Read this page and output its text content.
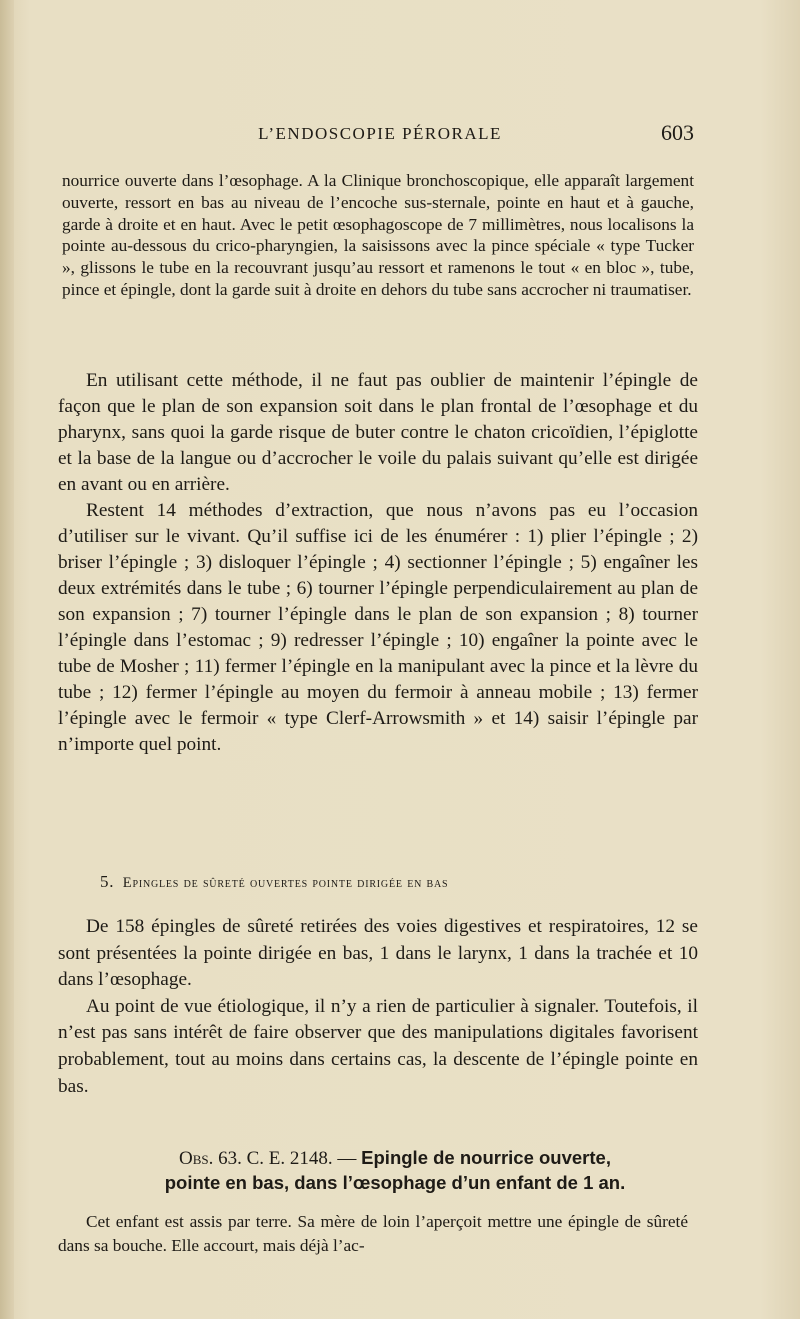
L’ENDOSCOPIE PÉRORALE	603
nourrice ouverte dans l’œsophage. A la Clinique bronchoscopique, elle apparaît largement ouverte, ressort en bas au niveau de l’encoche sus-sternale, pointe en haut et à gauche, garde à droite et en haut. Avec le petit œsophagoscope de 7 millimètres, nous localisons la pointe au-dessous du crico-pharyngien, la saisissons avec la pince spéciale « type Tucker », glissons le tube en la recouvrant jusqu’au ressort et ramenons le tout « en bloc », tube, pince et épingle, dont la garde suit à droite en dehors du tube sans accrocher ni traumatiser.

En utilisant cette méthode, il ne faut pas oublier de maintenir l’épingle de façon que le plan de son expansion soit dans le plan frontal de l’œsophage et du pharynx, sans quoi la garde risque de buter contre le chaton cricoïdien, l’épiglotte et la base de la langue ou d’accrocher le voile du palais suivant qu’elle est dirigée en avant ou en arrière.

Restent 14 méthodes d’extraction, que nous n’avons pas eu l’occasion d’utiliser sur le vivant. Qu’il suffise ici de les énumérer : 1) plier l’épingle ; 2) briser l’épingle ; 3) disloquer l’épingle ; 4) sectionner l’épingle ; 5) engaîner les deux extrémités dans le tube ; 6) tourner l’épingle perpendiculairement au plan de son expansion ; 7) tourner l’épingle dans le plan de son expansion ; 8) tourner l’épingle dans l’estomac ; 9) redresser l’épingle ; 10) engaîner la pointe avec le tube de Mosher ; 11) fermer l’épingle en la manipulant avec la pince et la lèvre du tube ; 12) fermer l’épingle au moyen du fermoir à anneau mobile ; 13) fermer l’épingle avec le fermoir « type Clerf-Arrowsmith » et 14) saisir l’épingle par n’importe quel point.

5. Epingles de sûreté ouvertes pointe dirigée en bas

De 158 épingles de sûreté retirées des voies digestives et respiratoires, 12 se sont présentées la pointe dirigée en bas, 1 dans le larynx, 1 dans la trachée et 10 dans l’œsophage.

Au point de vue étiologique, il n’y a rien de particulier à signaler. Toutefois, il n’est pas sans intérêt de faire observer que des manipulations digitales favorisent probablement, tout au moins dans certains cas, la descente de l’épingle pointe en bas.

Obs. 63. C. E. 2148. — Epingle de nourrice ouverte,
pointe en bas, dans l’œsophage d’un enfant de 1 an.

Cet enfant est assis par terre. Sa mère de loin l’aperçoit mettre une épingle de sûreté dans sa bouche. Elle accourt, mais déjà l’ac-
